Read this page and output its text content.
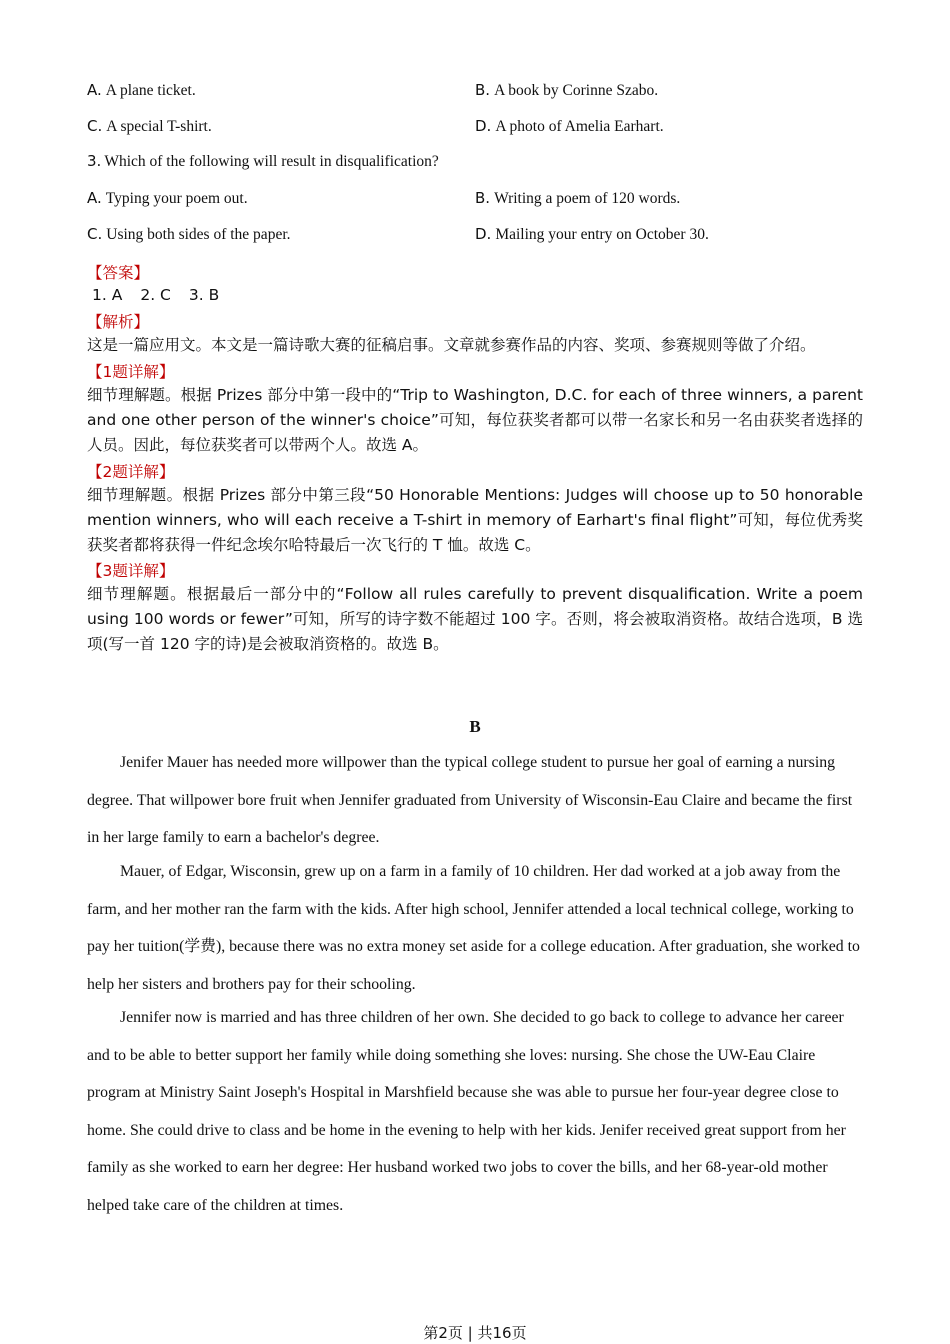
A. A plane ticket.	B. A book by Corinne Szabo.
C. A special T-shirt.	D. A photo of Amelia Earhart.
3. Which of the following will result in disqualification?
A. Typing your poem out.	B. Writing a poem of 120 words.
C. Using both sides of the paper.	D. Mailing your entry on October 30.
【答案】
1. A 2. C 3. B
【解析】
这是一篇应用文。本文是一篇诗歌大赛的征稿启事。文章就参赛作品的内容、奖项、参赛规则等做了介绍。
【1题详解】
细节理解题。根据 Prizes 部分中第一段中的“Trip to Washington, D.C. for each of three winners, a parent and one other person of the winner's choice”可知，每位获奖者都可以带一名家长和另一名由获奖者选择的人员。因此，每位获奖者可以带两个人。故选 A。
【2题详解】
细节理解题。根据 Prizes 部分中第三段“50 Honorable Mentions: Judges will choose up to 50 honorable mention winners, who will each receive a T-shirt in memory of Earhart's final flight”可知，每位优秀奖获奖者都将获得一件纪念埃尔哈特最后一次飞行的 T 恤。故选 C。
【3题详解】
细节理解题。根据最后一部分中的“Follow all rules carefully to prevent disqualification. Write a poem using 100 words or fewer”可知，所写的诗字数不能超过 100 字。否则，将会被取消资格。故结合选项，B 选项(写一首 120 字的诗)是会被取消资格的。故选 B。
B
Jenifer Mauer has needed more willpower than the typical college student to pursue her goal of earning a nursing degree. That willpower bore fruit when Jennifer graduated from University of Wisconsin-Eau Claire and became the first in her large family to earn a bachelor's degree.
Mauer, of Edgar, Wisconsin, grew up on a farm in a family of 10 children. Her dad worked at a job away from the farm, and her mother ran the farm with the kids. After high school, Jennifer attended a local technical college, working to pay her tuition(学费), because there was no extra money set aside for a college education. After graduation, she worked to help her sisters and brothers pay for their schooling.
Jennifer now is married and has three children of her own. She decided to go back to college to advance her career and to be able to better support her family while doing something she loves: nursing. She chose the UW-Eau Claire program at Ministry Saint Joseph's Hospital in Marshfield because she was able to pursue her four-year degree close to home. She could drive to class and be home in the evening to help with her kids. Jenifer received great support from her family as she worked to earn her degree: Her husband worked two jobs to cover the bills, and her 68-year-old mother helped take care of the children at times.
第2页 | 共16页
